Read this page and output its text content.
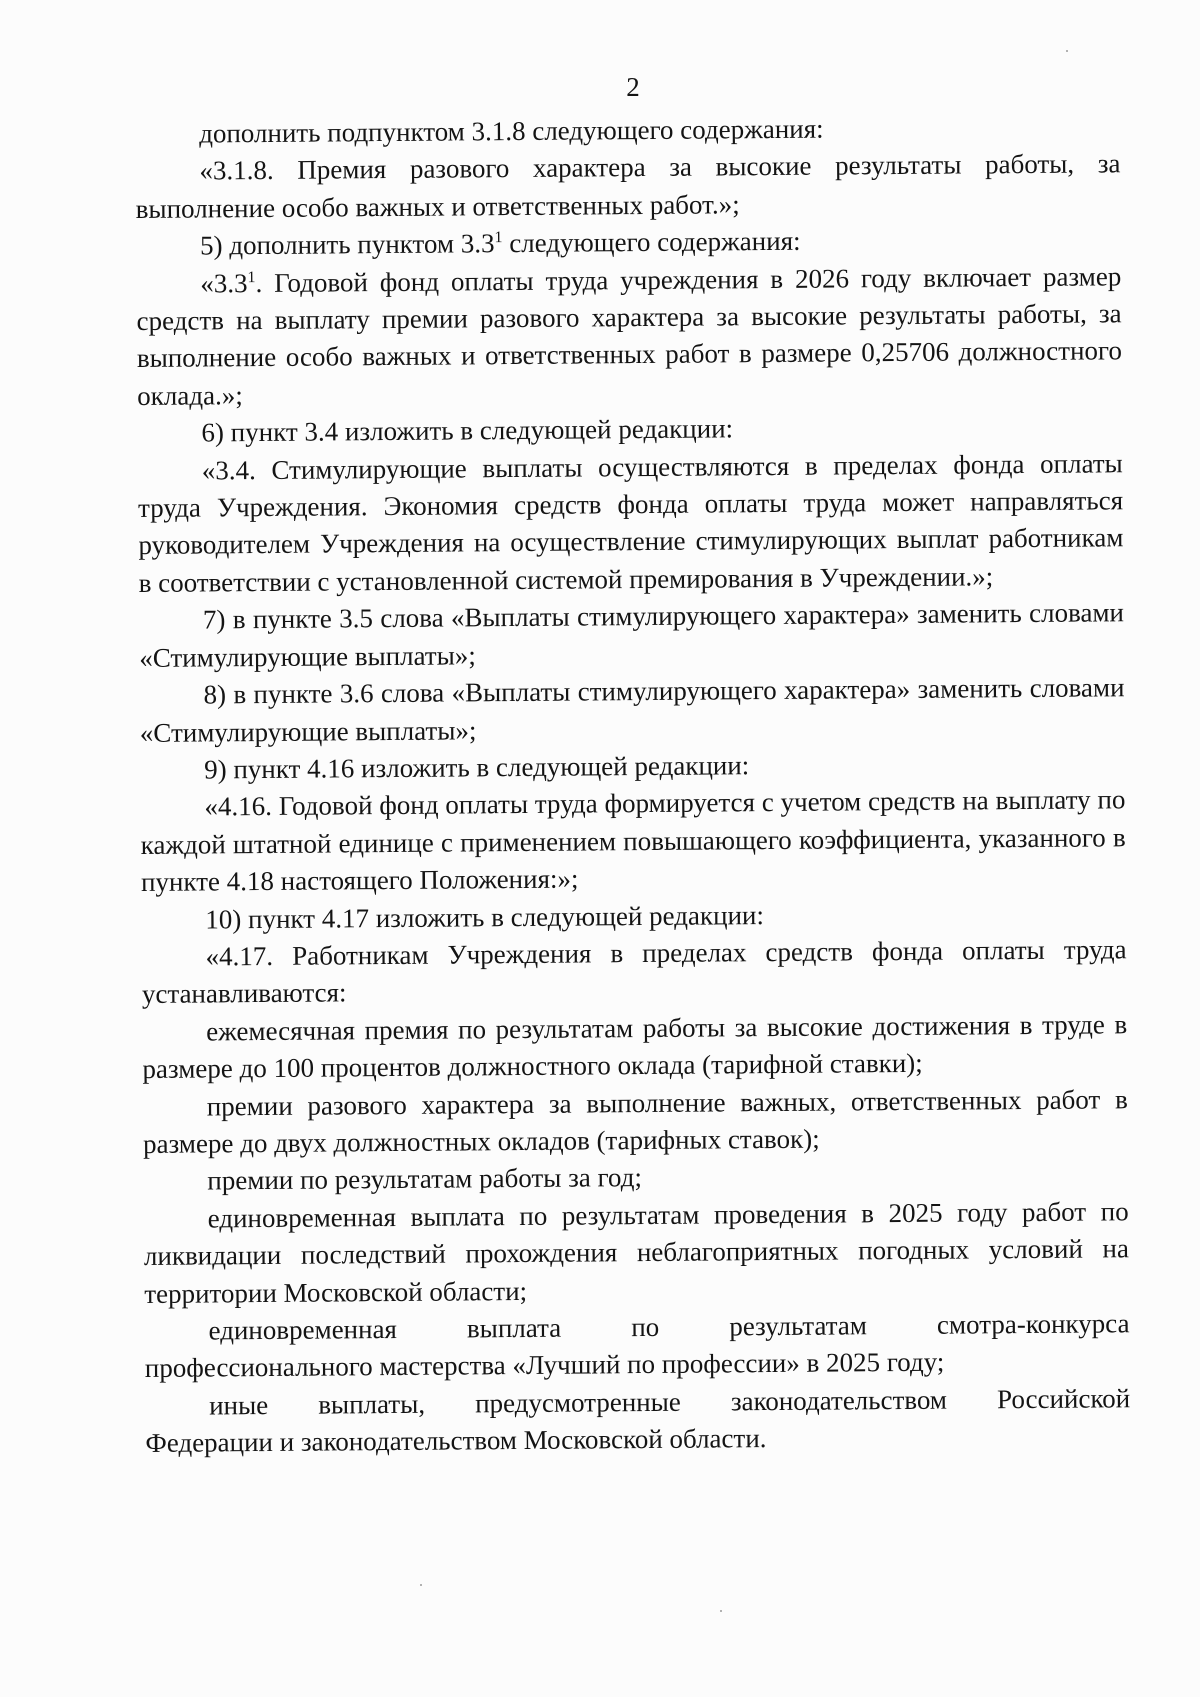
2

дополнить подпунктом 3.1.8 следующего содержания:

«3.1.8. Премия разового характера за высокие результаты работы, за выполнение особо важных и ответственных работ.»;

5) дополнить пунктом $3.3^1$ следующего содержания:

«$3.3^1$. Годовой фонд оплаты труда учреждения в 2026 году включает размер средств на выплату премии разового характера за высокие результаты работы, за выполнение особо важных и ответственных работ в размере 0,25706 должностного оклада.»;

6) пункт 3.4 изложить в следующей редакции:

«3.4. Стимулирующие выплаты осуществляются в пределах фонда оплаты труда Учреждения. Экономия средств фонда оплаты труда может направляться руководителем Учреждения на осуществление стимулирующих выплат работникам в соответствии с установленной системой премирования в Учреждении.»;

7) в пункте 3.5 слова «Выплаты стимулирующего характера» заменить словами «Стимулирующие выплаты»;

8) в пункте 3.6 слова «Выплаты стимулирующего характера» заменить словами «Стимулирующие выплаты»;

9) пункт 4.16 изложить в следующей редакции:

«4.16. Годовой фонд оплаты труда формируется с учетом средств на выплату по каждой штатной единице с применением повышающего коэффициента, указанного в пункте 4.18 настоящего Положения:»;

10) пункт 4.17 изложить в следующей редакции:

«4.17. Работникам Учреждения в пределах средств фонда оплаты труда устанавливаются:

ежемесячная премия по результатам работы за высокие достижения в труде в размере до 100 процентов должностного оклада (тарифной ставки);

премии разового характера за выполнение важных, ответственных работ в размере до двух должностных окладов (тарифных ставок);

премии по результатам работы за год;

единовременная выплата по результатам проведения в 2025 году работ по ликвидации последствий прохождения неблагоприятных погодных условий на территории Московской области;

единовременная выплата по результатам смотра-конкурса

профессионального мастерства «Лучший по профессии» в 2025 году;

иные выплаты, предусмотренные законодательством Российской

Федерации и законодательством Московской области.
